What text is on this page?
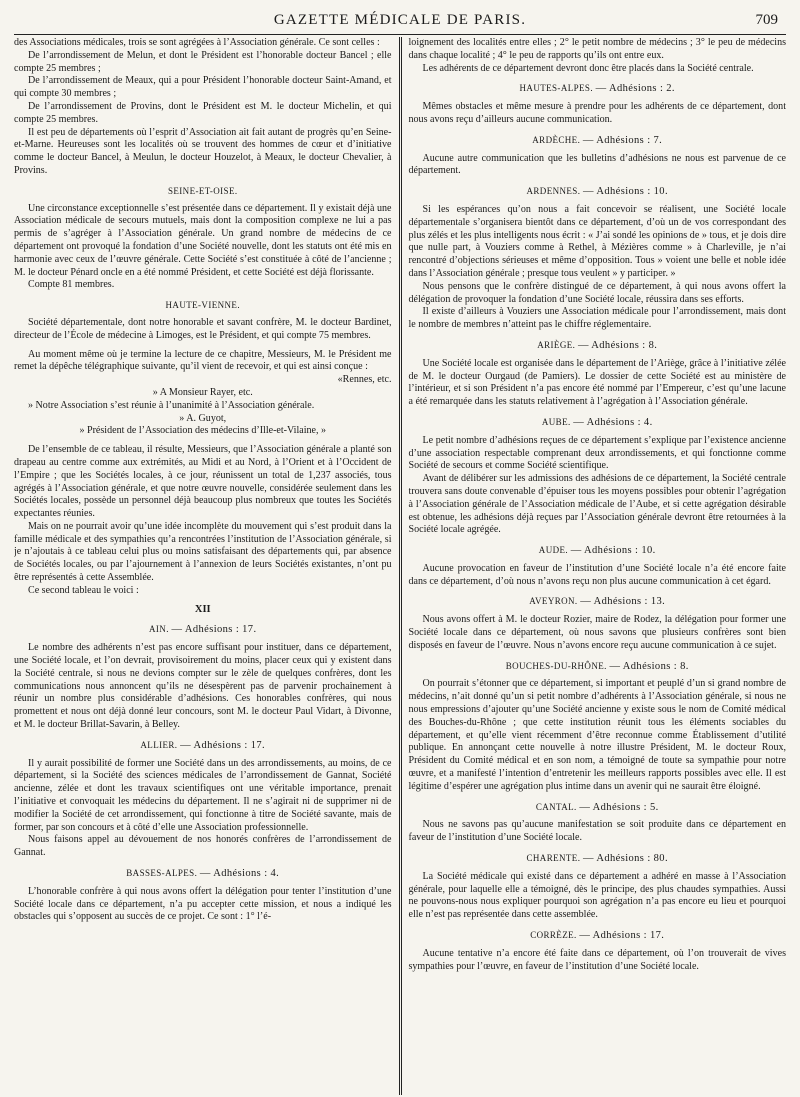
GAZETTE MÉDICALE DE PARIS.	709

des Associations médicales, trois se sont agrégées à l’Association générale. Ce sont celles :

De l’arrondissement de Melun, et dont le Président est l’honorable docteur Bancel ; elle compte 25 membres ;

De l’arrondissement de Meaux, qui a pour Président l’honorable docteur Saint-Amand, et qui compte 30 membres ;

De l’arrondissement de Provins, dont le Président est M. le docteur Michelin, et qui compte 25 membres.

Il est peu de départements où l’esprit d’Association ait fait autant de progrès qu’en Seine-et-Marne. Heureuses sont les localités où se trouvent des hommes de cœur et d’initiative comme le docteur Bancel, à Meulun, le docteur Houzelot, à Meaux, le docteur Chevalier, à Provins.

SEINE-ET-OISE.

Une circonstance exceptionnelle s’est présentée dans ce département. Il y existait déjà une Association médicale de secours mutuels, mais dont la composition complexe ne lui a pas permis de s’agréger à l’Association générale. Un grand nombre de médecins de ce département ont provoqué la fondation d’une Société nouvelle, dont les statuts ont été mis en harmonie avec ceux de l’œuvre générale. Cette Société s’est constituée à côté de l’ancienne ; M. le docteur Pénard oncle en a été nommé Président, et cette Société est déjà florissante.

Compte 81 membres.

HAUTE-VIENNE.

Société départementale, dont notre honorable et savant confrère, M. le docteur Bardinet, directeur de l’École de médecine à Limoges, est le Président, et qui compte 75 membres.

Au moment même où je termine la lecture de ce chapitre, Messieurs, M. le Président me remet la dépêche télégraphique suivante, qu’il vient de recevoir, et qui est ainsi conçue :

«Rennes, etc.

» A Monsieur Rayer, etc.

» Notre Association s’est réunie à l’unanimité à l’Association générale.

» A. Guyot,

» Président de l’Association des médecins d’Ille-et-Vilaine, »

De l’ensemble de ce tableau, il résulte, Messieurs, que l’Association générale a planté son drapeau au centre comme aux extrémités, au Midi et au Nord, à l’Orient et à l’Occident de l’Empire ; que les Sociétés locales, à ce jour, réunissent un total de 1,237 associés, tous agrégés à l’Association générale, et que notre œuvre nouvelle, considérée seulement dans les Sociétés locales, possède un personnel déjà beaucoup plus nombreux que toutes les Sociétés expectantes réunies.

Mais on ne pourrait avoir qu’une idée incomplète du mouvement qui s’est produit dans la famille médicale et des sympathies qu’a rencontrées l’institution de l’Association générale, si je n’ajoutais à ce tableau celui plus ou moins satisfaisant des départements qui, par absence de Sociétés locales, ou par l’ajournement à l’annexion de leurs Sociétés existantes, n’ont pu être représentés à cette Assemblée.

Ce second tableau le voici :

XII
AIN. — Adhésions : 17.

Le nombre des adhérents n’est pas encore suffisant pour instituer, dans ce département, une Société locale, et l’on devrait, provisoirement du moins, placer ceux qui y existent dans la Société centrale, si nous ne devions compter sur le zèle de quelques confrères, dont les communications nous annoncent qu’ils ne désespèrent pas de parvenir prochainement à réunir un nombre plus considérable d’adhésions. Ces honorables confrères, qui nous promettent et nous ont déjà donné leur concours, sont M. le docteur Paul Vidart, à Divonne, et M. le docteur Brillat-Savarin, à Belley.

ALLIER. — Adhésions : 17.

Il y aurait possibilité de former une Société dans un des arrondissements, au moins, de ce département, si la Société des sciences médicales de l’arrondissement de Gannat, Société ancienne, zélée et dont les travaux scientifiques ont une véritable importance, prenait l’initiative et convoquait les médecins du département. Il ne s’agirait ni de supprimer ni de modifier la Société de cet arrondissement, qui fonctionne à titre de Société savante, mais de former, par son concours et à côté d’elle une Association professionnelle.

Nous faisons appel au dévouement de nos honorés confrères de l’arrondissement de Gannat.

BASSES-ALPES. — Adhésions : 4.

L’honorable confrère à qui nous avons offert la délégation pour tenter l’institution d’une Société locale dans ce département, n’a pu accepter cette mission, et nous a indiqué les obstacles qui s’opposent au succès de ce projet. Ce sont : 1° l’é-

loignement des localités entre elles ; 2° le petit nombre de médecins ; 3° le peu de médecins dans chaque localité ; 4° le peu de rapports qu’ils ont entre eux.

Les adhérents de ce département devront donc être placés dans la Société centrale.

HAUTES-ALPES. — Adhésions : 2.

Mêmes obstacles et même mesure à prendre pour les adhérents de ce département, dont nous avons reçu d’ailleurs aucune communication.

ARDÈCHE. — Adhésions : 7.

Aucune autre communication que les bulletins d’adhésions ne nous est parvenue de ce département.

ARDENNES. — Adhésions : 10.

Si les espérances qu’on nous a fait concevoir se réalisent, une Société locale départementale s’organisera bientôt dans ce département, d’où un de vos correspondant des plus zélés et les plus intelligents nous écrit : « J’ai sondé les opinions de » tous, et je dois dire que nulle part, à Vouziers comme à Rethel, à Mézières comme » à Charleville, je n’ai rencontré d’objections sérieuses et même d’opposition. Tous » voient une belle et noble idée dans l’Association générale ; presque tous veulent » y participer. »

Nous pensons que le confrère distingué de ce département, à qui nous avons offert la délégation de provoquer la fondation d’une Société locale, réussira dans ses efforts.

Il existe d’ailleurs à Vouziers une Association médicale pour l’arrondissement, mais dont le nombre de membres n’atteint pas le chiffre réglementaire.

ARIÈGE. — Adhésions : 8.

Une Société locale est organisée dans le département de l’Ariège, grâce à l’initiative zélée de M. le docteur Ourgaud (de Pamiers). Le dossier de cette Société est au ministère de l’intérieur, et si son Président n’a pas encore été nommé par l’Empereur, c’est qu’une lacune a été remarquée dans les statuts relativement à l’agrégation à l’Association générale.

AUBE. — Adhésions : 4.

Le petit nombre d’adhésions reçues de ce département s’explique par l’existence ancienne d’une association respectable comprenant deux arrondissements, et qui fonctionne comme Société de secours et comme Société scientifique.

Avant de délibérer sur les admissions des adhésions de ce département, la Société centrale trouvera sans doute convenable d’épuiser tous les moyens possibles pour obtenir l’agrégation à l’Association générale de l’Association médicale de l’Aube, et si cette agrégation désirable est obtenue, les adhésions déjà reçues par l’Association générale devront être retournées à la Société locale agrégée.

AUDE. — Adhésions : 10.

Aucune provocation en faveur de l’institution d’une Société locale n’a été encore faite dans ce département, d’où nous n’avons reçu non plus aucune communication à cet égard.

AVEYRON. — Adhésions : 13.

Nous avons offert à M. le docteur Rozier, maire de Rodez, la délégation pour former une Société locale dans ce département, où nous savons que plusieurs confrères sont bien disposés en faveur de l’œuvre. Nous n’avons encore reçu aucune communication à ce sujet.

BOUCHES-DU-RHÔNE. — Adhésions : 8.

On pourrait s’étonner que ce département, si important et peuplé d’un si grand nombre de médecins, n’ait donné qu’un si petit nombre d’adhérents à l’Association générale, si nous ne nous empressions d’ajouter qu’une Société ancienne y existe sous le nom de Comité médical des Bouches-du-Rhône ; que cette institution réunit tous les éléments sociables du département, et qu’elle vient récemment d’être reconnue comme Établissement d’utilité publique. En annonçant cette nouvelle à notre illustre Président, M. le docteur Roux, Président du Comité médical et en son nom, a témoigné de toute sa sympathie pour notre œuvre, et a manifesté l’intention d’entretenir les meilleurs rapports possibles avec elle. Il est légitime d’espérer une agrégation plus intime dans un avenir qui ne saurait être éloigné.

CANTAL. — Adhésions : 5.

Nous ne savons pas qu’aucune manifestation se soit produite dans ce département en faveur de l’institution d’une Société locale.

CHARENTE. — Adhésions : 80.

La Société médicale qui existé dans ce département a adhéré en masse à l’Association générale, pour laquelle elle a témoigné, dès le principe, des plus chaudes sympathies. Aussi ne pouvons-nous nous expliquer pourquoi son agrégation n’a pas encore eu lieu et pourquoi elle n’est pas représentée dans cette assemblée.

CORRÈZE. — Adhésions : 17.

Aucune tentative n’a encore été faite dans ce département, où l’on trouverait de vives sympathies pour l’œuvre, en faveur de l’institution d’une Société locale.
